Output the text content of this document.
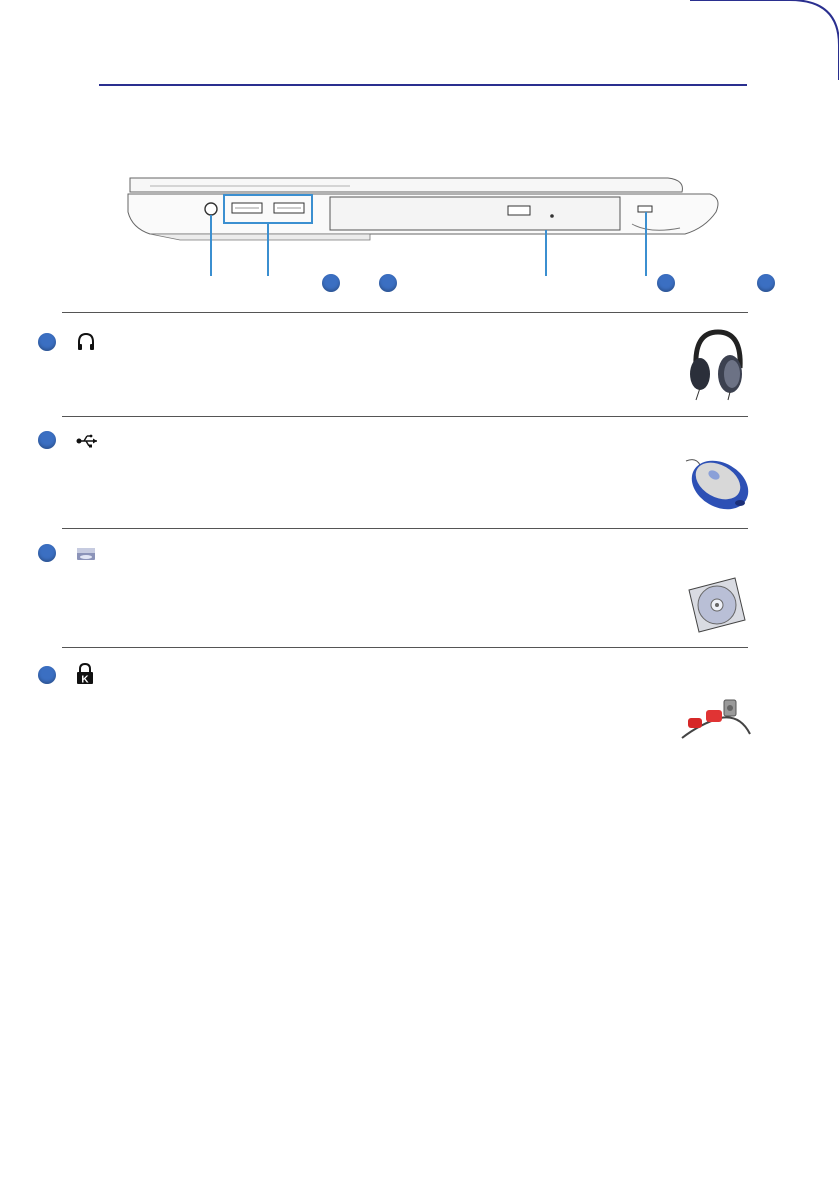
K
